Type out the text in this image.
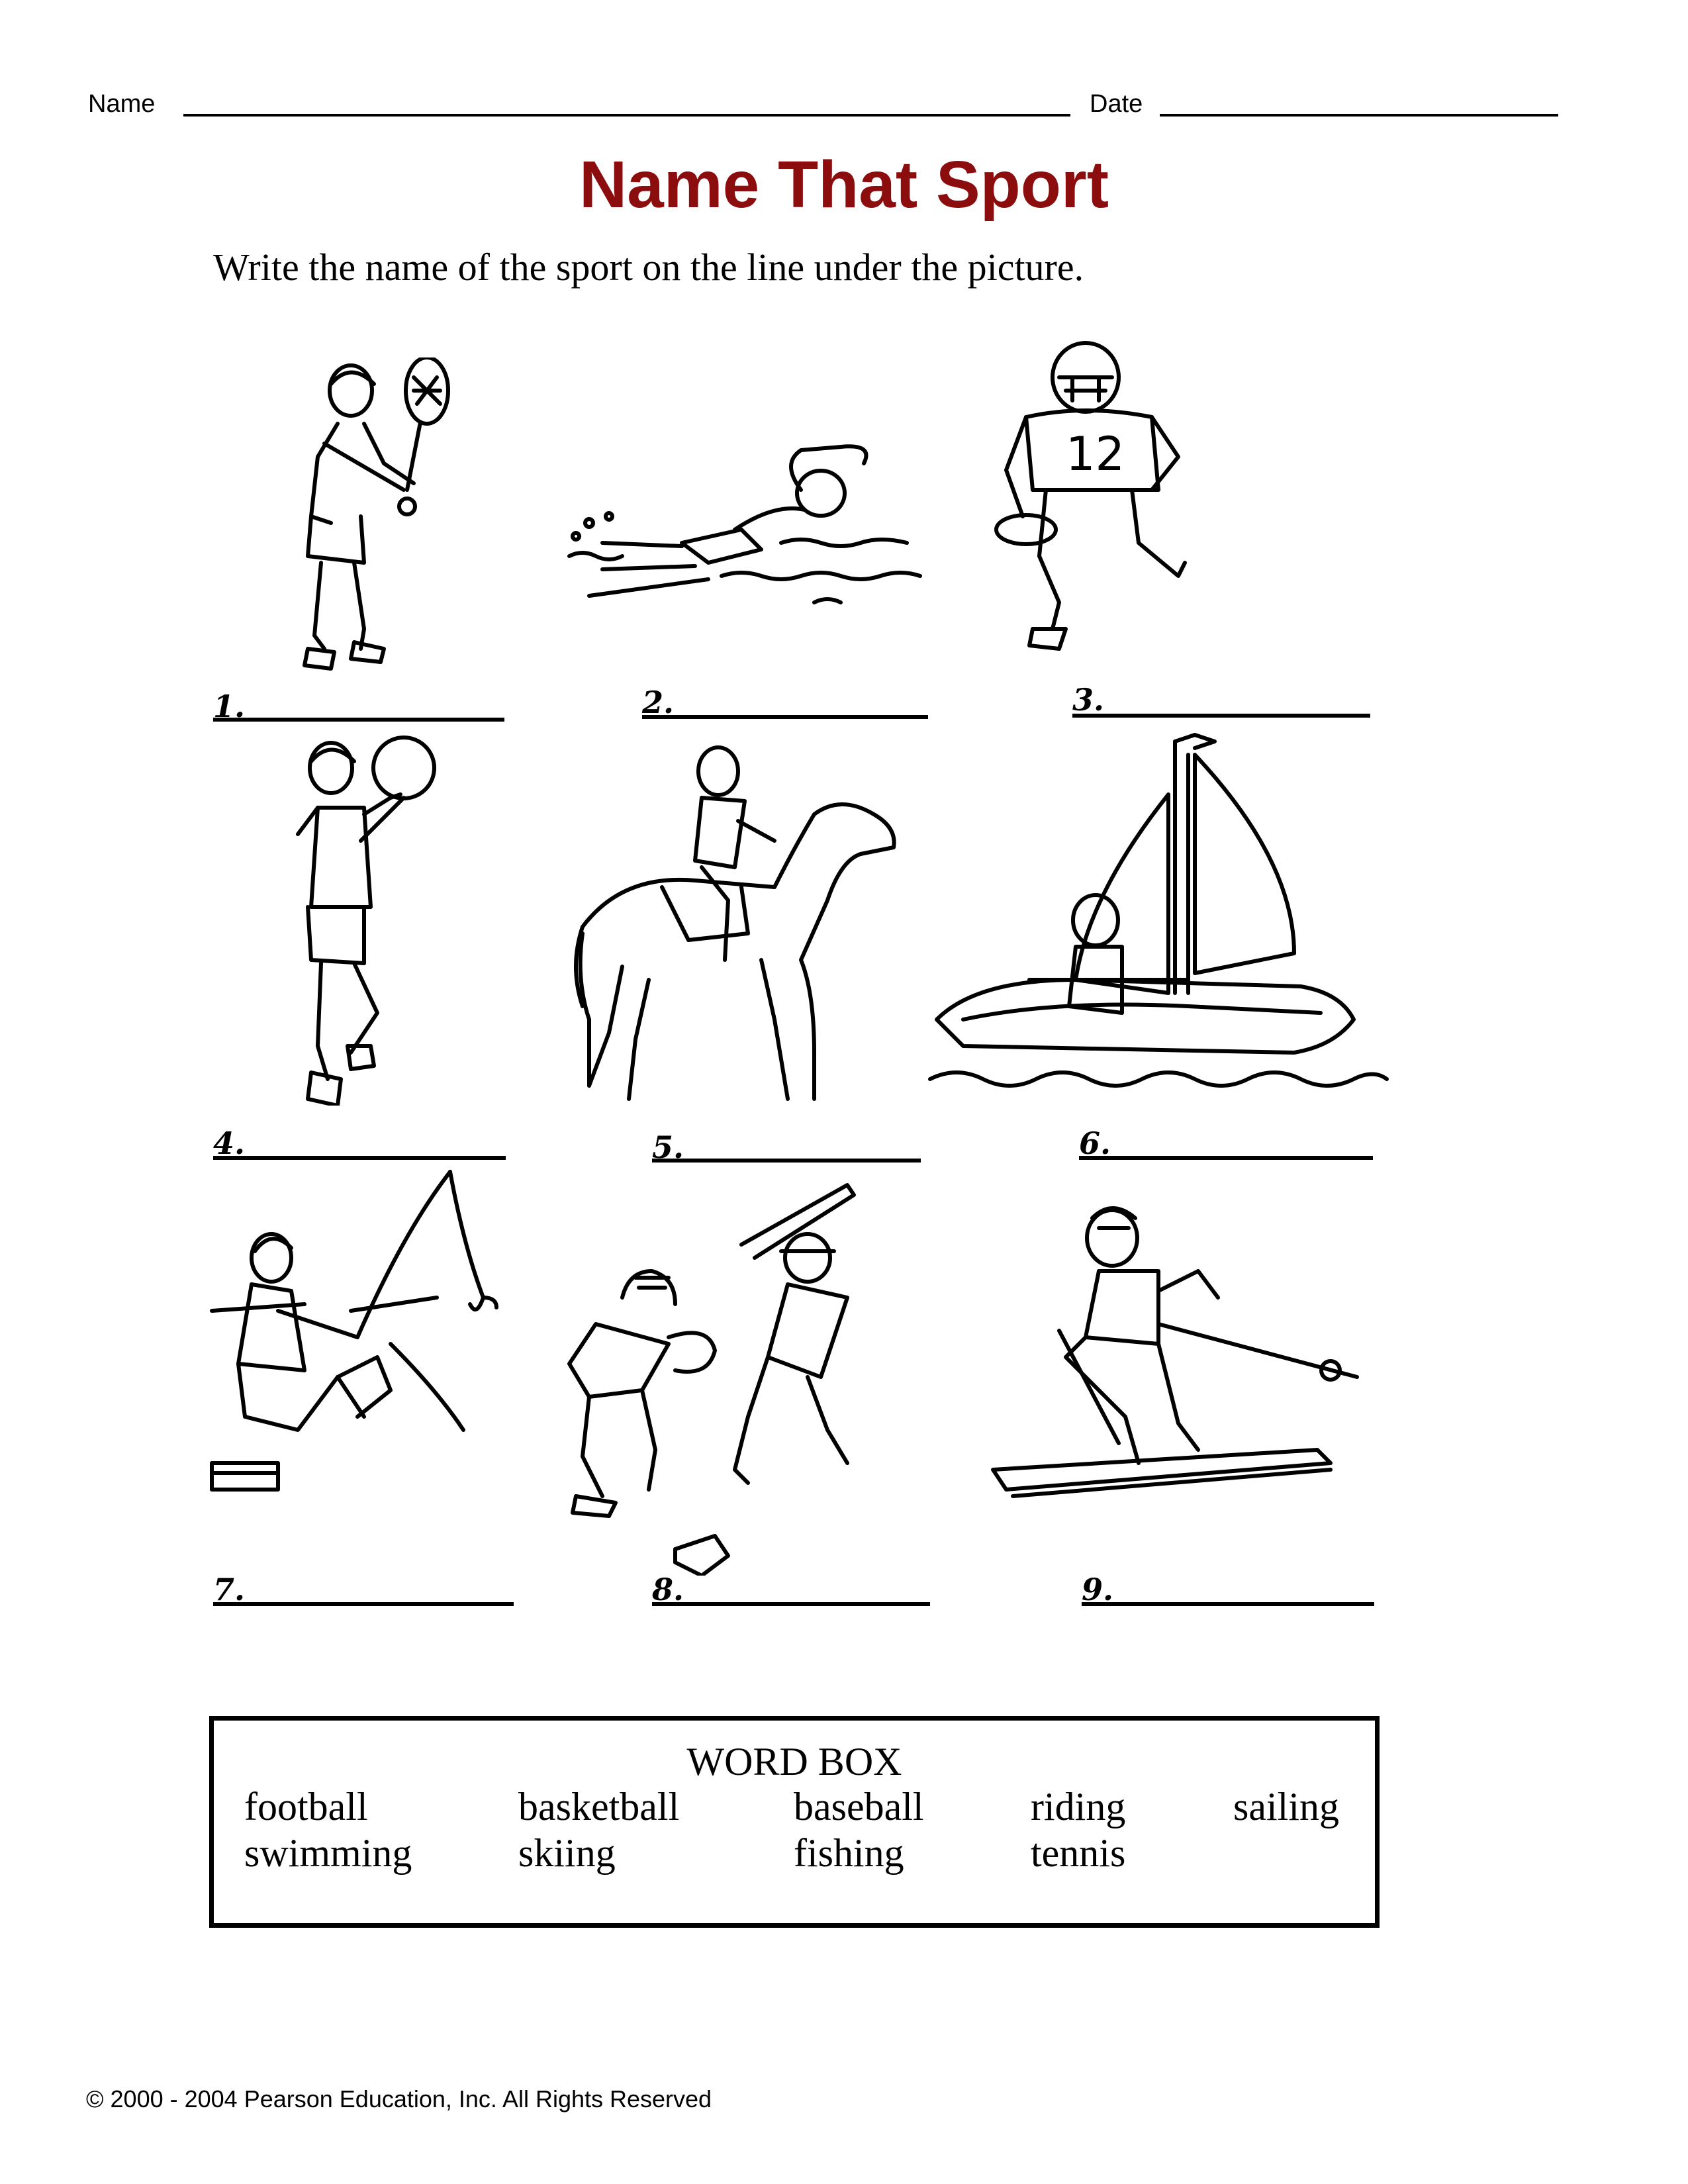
Name	Date
Name That Sport
Write the name of the sport on the line under the picture.
1.	2.
12
3.
4.	5.	6.
7.	8.	9.
WORD BOX
football	basketball	baseball	riding	sailing
swimming	skiing	fishing	tennis
© 2000 - 2004 Pearson Education, Inc. All Rights Reserved
